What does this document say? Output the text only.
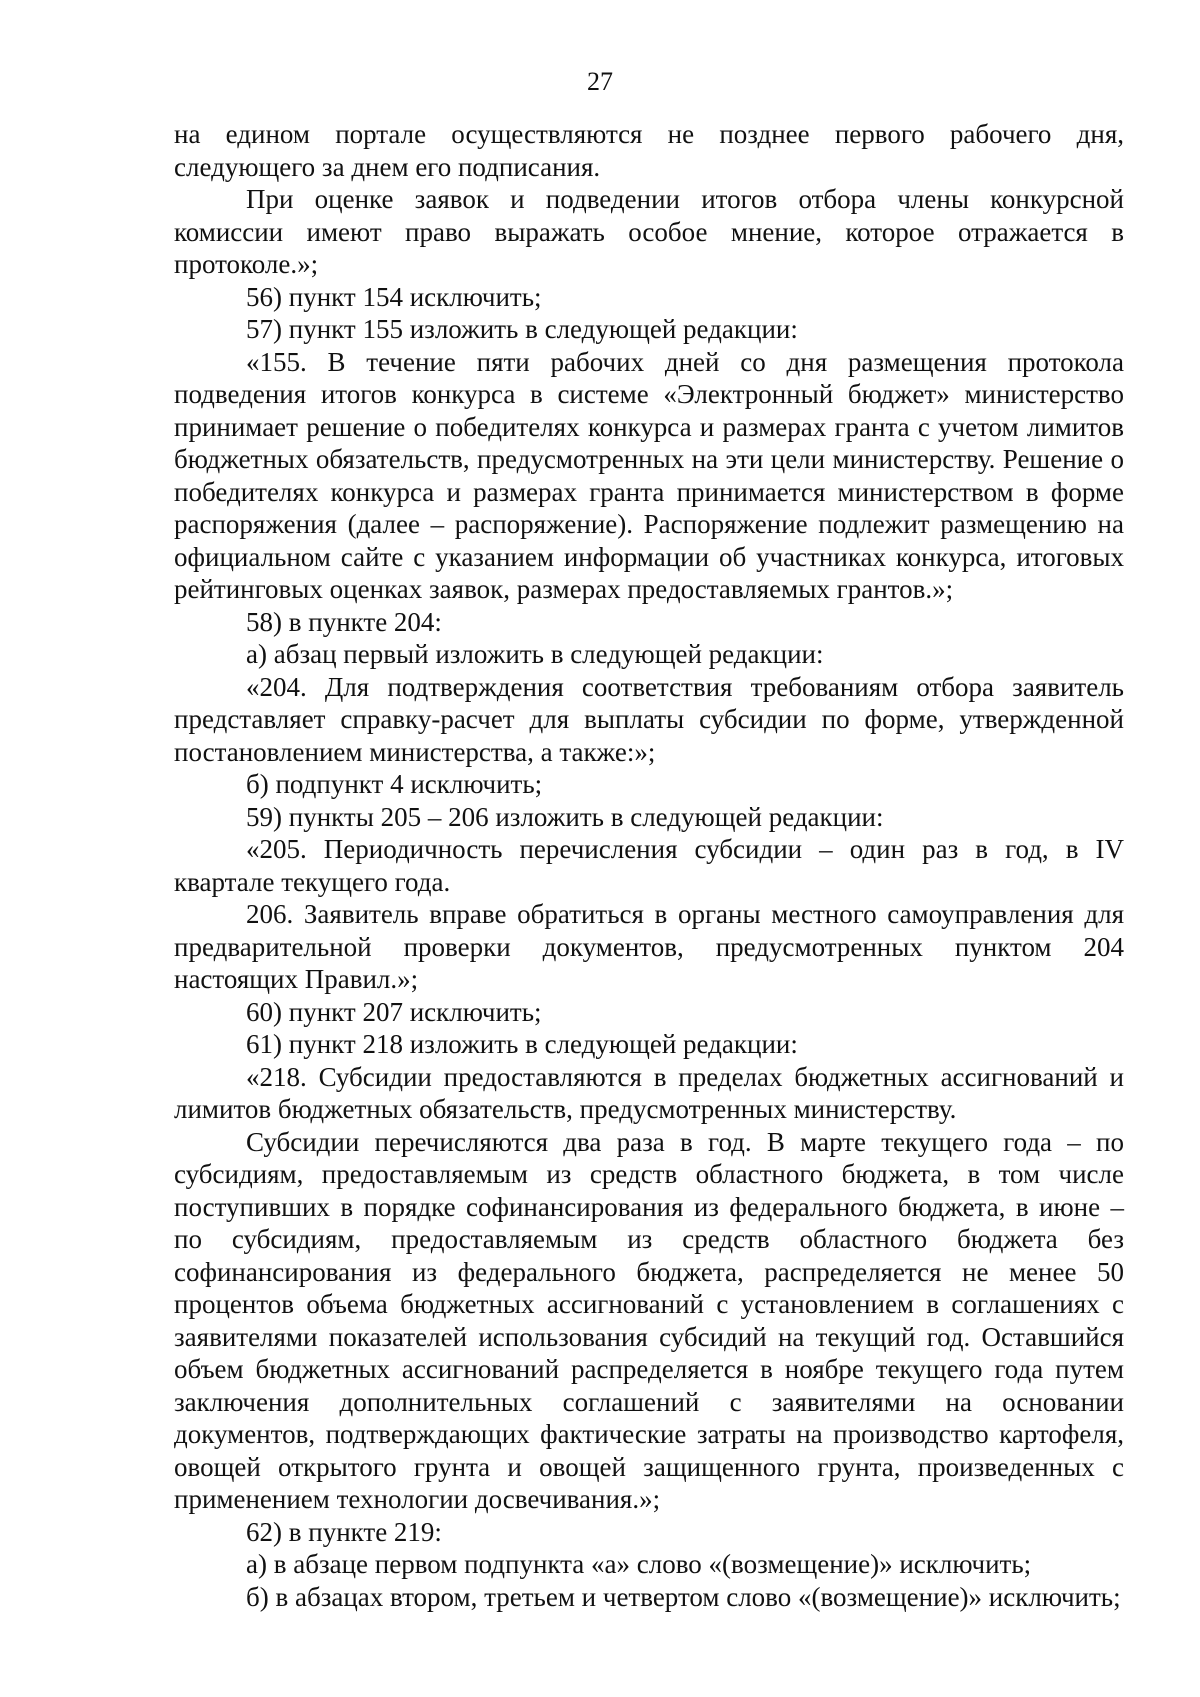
27

на едином портале осуществляются не позднее первого рабочего дня, следующего за днем его подписания.

При оценке заявок и подведении итогов отбора члены конкурсной комиссии имеют право выражать особое мнение, которое отражается в протоколе.»;

56) пункт 154 исключить;

57) пункт 155 изложить в следующей редакции:

«155. В течение пяти рабочих дней со дня размещения протокола подведения итогов конкурса в системе «Электронный бюджет» министерство принимает решение о победителях конкурса и размерах гранта с учетом лимитов бюджетных обязательств, предусмотренных на эти цели министерству. Решение о победителях конкурса и размерах гранта принимается министерством в форме распоряжения (далее – распоряжение). Распоряжение подлежит размещению на официальном сайте с указанием информации об участниках конкурса, итоговых рейтинговых оценках заявок, размерах предоставляемых грантов.»;

58) в пункте 204:

а) абзац первый изложить в следующей редакции:

«204. Для подтверждения соответствия требованиям отбора заявитель представляет справку-расчет для выплаты субсидии по форме, утвержденной постановлением министерства, а также:»;

б) подпункт 4 исключить;

59) пункты 205 – 206 изложить в следующей редакции:

«205. Периодичность перечисления субсидии – один раз в год, в IV квартале текущего года.

206. Заявитель вправе обратиться в органы местного самоуправления для предварительной проверки документов, предусмотренных пунктом 204 настоящих Правил.»;

60) пункт 207 исключить;

61) пункт 218 изложить в следующей редакции:

«218. Субсидии предоставляются в пределах бюджетных ассигнований и лимитов бюджетных обязательств, предусмотренных министерству.

Субсидии перечисляются два раза в год. В марте текущего года – по субсидиям, предоставляемым из средств областного бюджета, в том числе поступивших в порядке софинансирования из федерального бюджета, в июне – по субсидиям, предоставляемым из средств областного бюджета без софинансирования из федерального бюджета, распределяется не менее 50 процентов объема бюджетных ассигнований с установлением в соглашениях с заявителями показателей использования субсидий на текущий год. Оставшийся объем бюджетных ассигнований распределяется в ноябре текущего года путем заключения дополнительных соглашений с заявителями на основании документов, подтверждающих фактические затраты на производство картофеля, овощей открытого грунта и овощей защищенного грунта, произведенных с применением технологии досвечивания.»;

62) в пункте 219:

а) в абзаце первом подпункта «а» слово «(возмещение)» исключить;

б) в абзацах втором, третьем и четвертом слово «(возмещение)» исключить;
